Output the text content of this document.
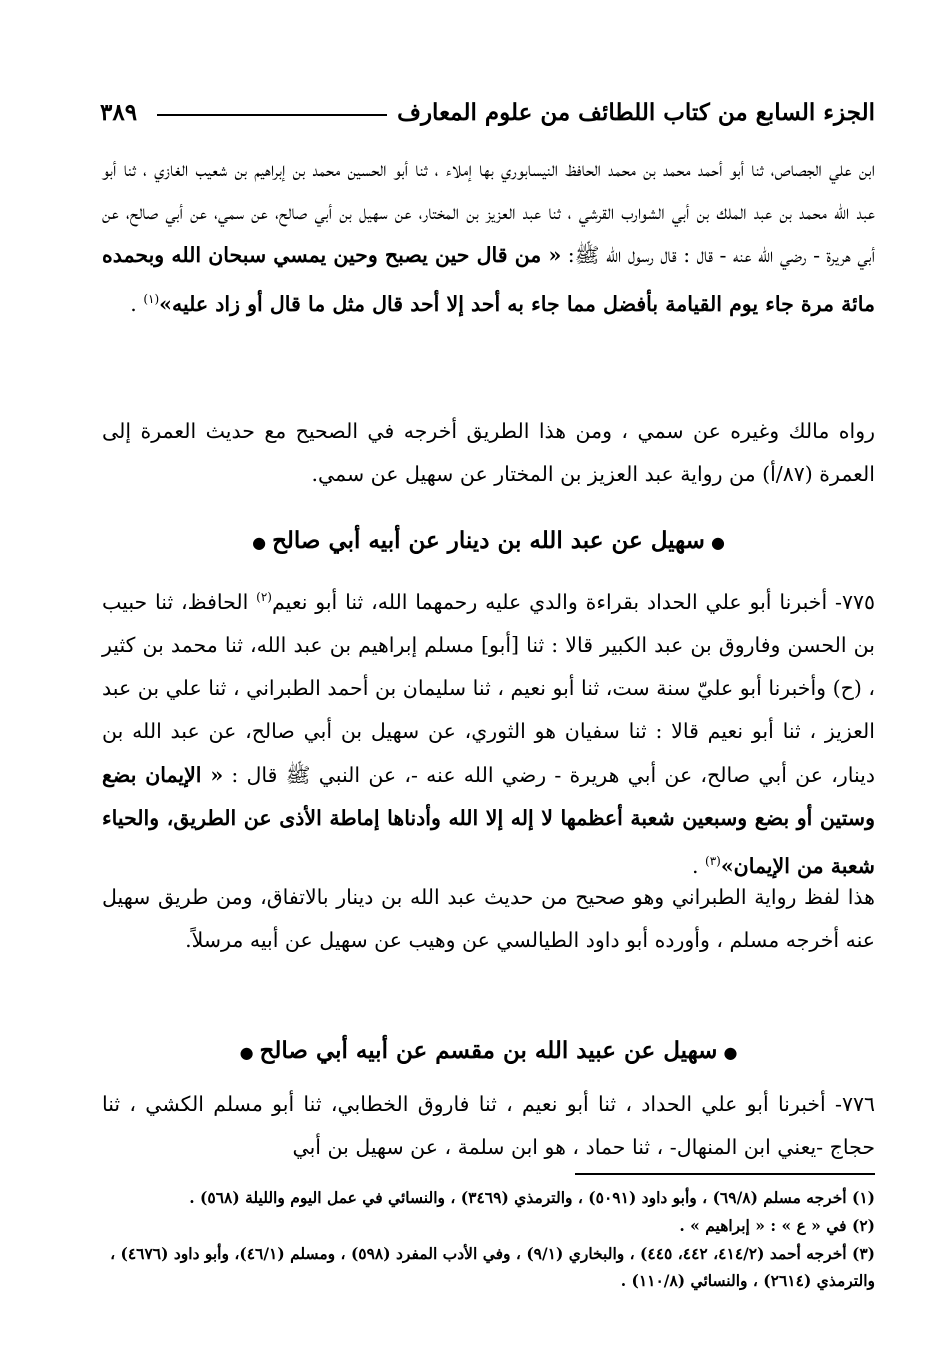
الجزء السابع من كتاب اللطائف من علوم المعارف
٣٨٩
ابن علي الجصاص، ثنا أبو أحمد محمد بن محمد الحافظ النيسابوري بها إملاء ، ثنا أبو الحسين محمد بن إبراهيم بن شعيب الغازي ، ثنا أبو عبد الله محمد بن عبد الملك بن أبي الشوارب القرشي ، ثنا عبد العزيز بن المختار، عن سهيل بن أبي صالح، عن سمي، عن أبي صالح، عن أبي هريرة - رضي الله عنه - قال : قال رسول الله ﷺ: « من قال حين يصبح وحين يمسي سبحان الله وبحمده مائة مرة جاء يوم القيامة بأفضل مما جاء به أحد إلا أحد قال مثل ما قال أو زاد عليه»$^{(١)}$ .
رواه مالك وغيره عن سمي ، ومن هذا الطريق أخرجه في الصحيح مع حديث العمرة إلى العمرة (٨٧/أ) من رواية عبد العزيز بن المختار عن سهيل عن سمي.
●سهيل عن عبد الله بن دينار عن أبيه أبي صالح●
٧٧٥- أخبرنا أبو علي الحداد بقراءة والدي عليه رحمهما الله، ثنا أبو نعيم$^{(٢)}$ الحافظ، ثنا حبيب بن الحسن وفاروق بن عبد الكبير قالا : ثنا [أبو] مسلم إبراهيم بن عبد الله، ثنا محمد بن كثير ، (ح) وأخبرنا أبو عليّ سنة ست، ثنا أبو نعيم ، ثنا سليمان بن أحمد الطبراني ، ثنا علي بن عبد العزيز ، ثنا أبو نعيم قالا : ثنا سفيان هو الثوري، عن سهيل بن أبي صالح، عن عبد الله بن دينار، عن أبي صالح، عن أبي هريرة - رضي الله عنه -، عن النبي ﷺ قال : « الإيمان بضع وستين أو بضع وسبعين شعبة أعظمها لا إله إلا الله وأدناها إماطة الأذى عن الطريق، والحياء شعبة من الإيمان»$^{(٣)}$ .
هذا لفظ رواية الطبراني وهو صحيح من حديث عبد الله بن دينار بالاتفاق، ومن طريق سهيل عنه أخرجه مسلم ، وأورده أبو داود الطيالسي عن وهيب عن سهيل عن أبيه مرسلاً.
●سهيل عن عبيد الله بن مقسم عن أبيه أبي صالح●
٧٧٦- أخبرنا أبو علي الحداد ، ثنا أبو نعيم ، ثنا فاروق الخطابي، ثنا أبو مسلم الكشي ، ثنا حجاج -يعني ابن المنهال- ، ثنا حماد ، هو ابن سلمة ، عن سهيل بن أبي
(١) أخرجه مسلم (٦٩/٨) ، وأبو داود (٥٠٩١) ، والترمذي (٣٤٦٩) ، والنسائي في عمل اليوم والليلة (٥٦٨) .
(٢) في « ع » : « إبراهيم » .
(٣) أخرجه أحمد (٤١٤/٢، ٤٤٢، ٤٤٥) ، والبخاري (٩/١) ، وفي الأدب المفرد (٥٩٨) ، ومسلم (٤٦/١)، وأبو داود (٤٦٧٦) ، والترمذي (٢٦١٤) ، والنسائي (١١٠/٨) .
